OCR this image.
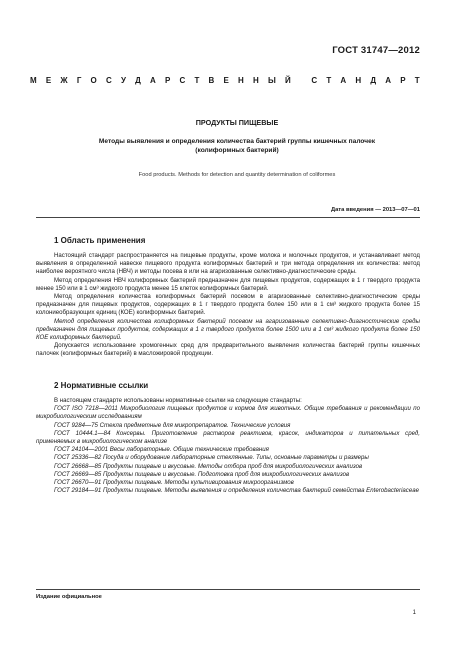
ГОСТ 31747—2012
М Е Ж Г О С У Д А Р С Т В Е Н Н Ы Й
	С Т А Н Д А Р Т
ПРОДУКТЫ ПИЩЕВЫЕ
Методы выявления и определения количества бактерий группы кишечных палочек
(колиформных бактерий)
Food products. Methods for detection and quantity determination of coliformes
Дата введения — 2013—07—01
1 Область применения

Настоящий стандарт распространяется на пищевые продукты, кроме молока и молочных продуктов, и устанавливает метод выявления в определенной навеске пищевого продукта колиформных бактерий и три метода определения их количества: метод наиболее вероятного числа (НВЧ) и методы посева в или на агаризованные селективно-диагностические среды.

Метод определения НВЧ колиформных бактерий предназначен для пищевых продуктов, содержащих в 1 г твердого продукта менее 150 или в 1 см³ жидкого продукта менее 15 клеток колиформных бактерий.

Метод определения количества колиформных бактерий посевом в агаризованные селективно-диагностические среды предназначен для пищевых продуктов, содержащих в 1 г твердого продукта более 150 или в 1 см³ жидкого продукта более 15 колониеобразующих единиц (КОЕ) колиформных бактерий.

Метод определения количества колиформных бактерий посевом на агаризованные селективно-диагностические среды предназначен для пищевых продуктов, содержащих в 1 г твердого продукта более 1500 или в 1 см³ жидкого продукта более 150 КОЕ колиформных бактерий.

Допускается использование хромогенных сред для предварительного выявления количества бактерий группы кишечных палочек (колиформных бактерий) в масложировой продукции.

2 Нормативные ссылки

В настоящем стандарте использованы нормативные ссылки на следующие стандарты:

ГОСТ ISO 7218—2011 Микробиология пищевых продуктов и кормов для животных. Общие требования и рекомендации по микробиологическим исследованиям

ГОСТ 9284—75 Стекла предметные для микропрепаратов. Технические условия

ГОСТ 10444.1—84 Консервы. Приготовление растворов реактивов, красок, индикаторов и питательных сред, применяемых в микробиологическом анализе

ГОСТ 24104—2001 Весы лабораторные. Общие технические требования

ГОСТ 25336—82 Посуда и оборудование лабораторные стеклянные. Типы, основные параметры и размеры

ГОСТ 26668—85 Продукты пищевые и вкусовые. Методы отбора проб для микробиологических анализов

ГОСТ 26669—85 Продукты пищевые и вкусовые. Подготовка проб для микробиологических анализов

ГОСТ 26670—91 Продукты пищевые. Методы культивирования микроорганизмов

ГОСТ 29184—91 Продукты пищевые. Методы выявления и определения количества бактерий семейства Enterobacteriaceae

Издание официальное
1
